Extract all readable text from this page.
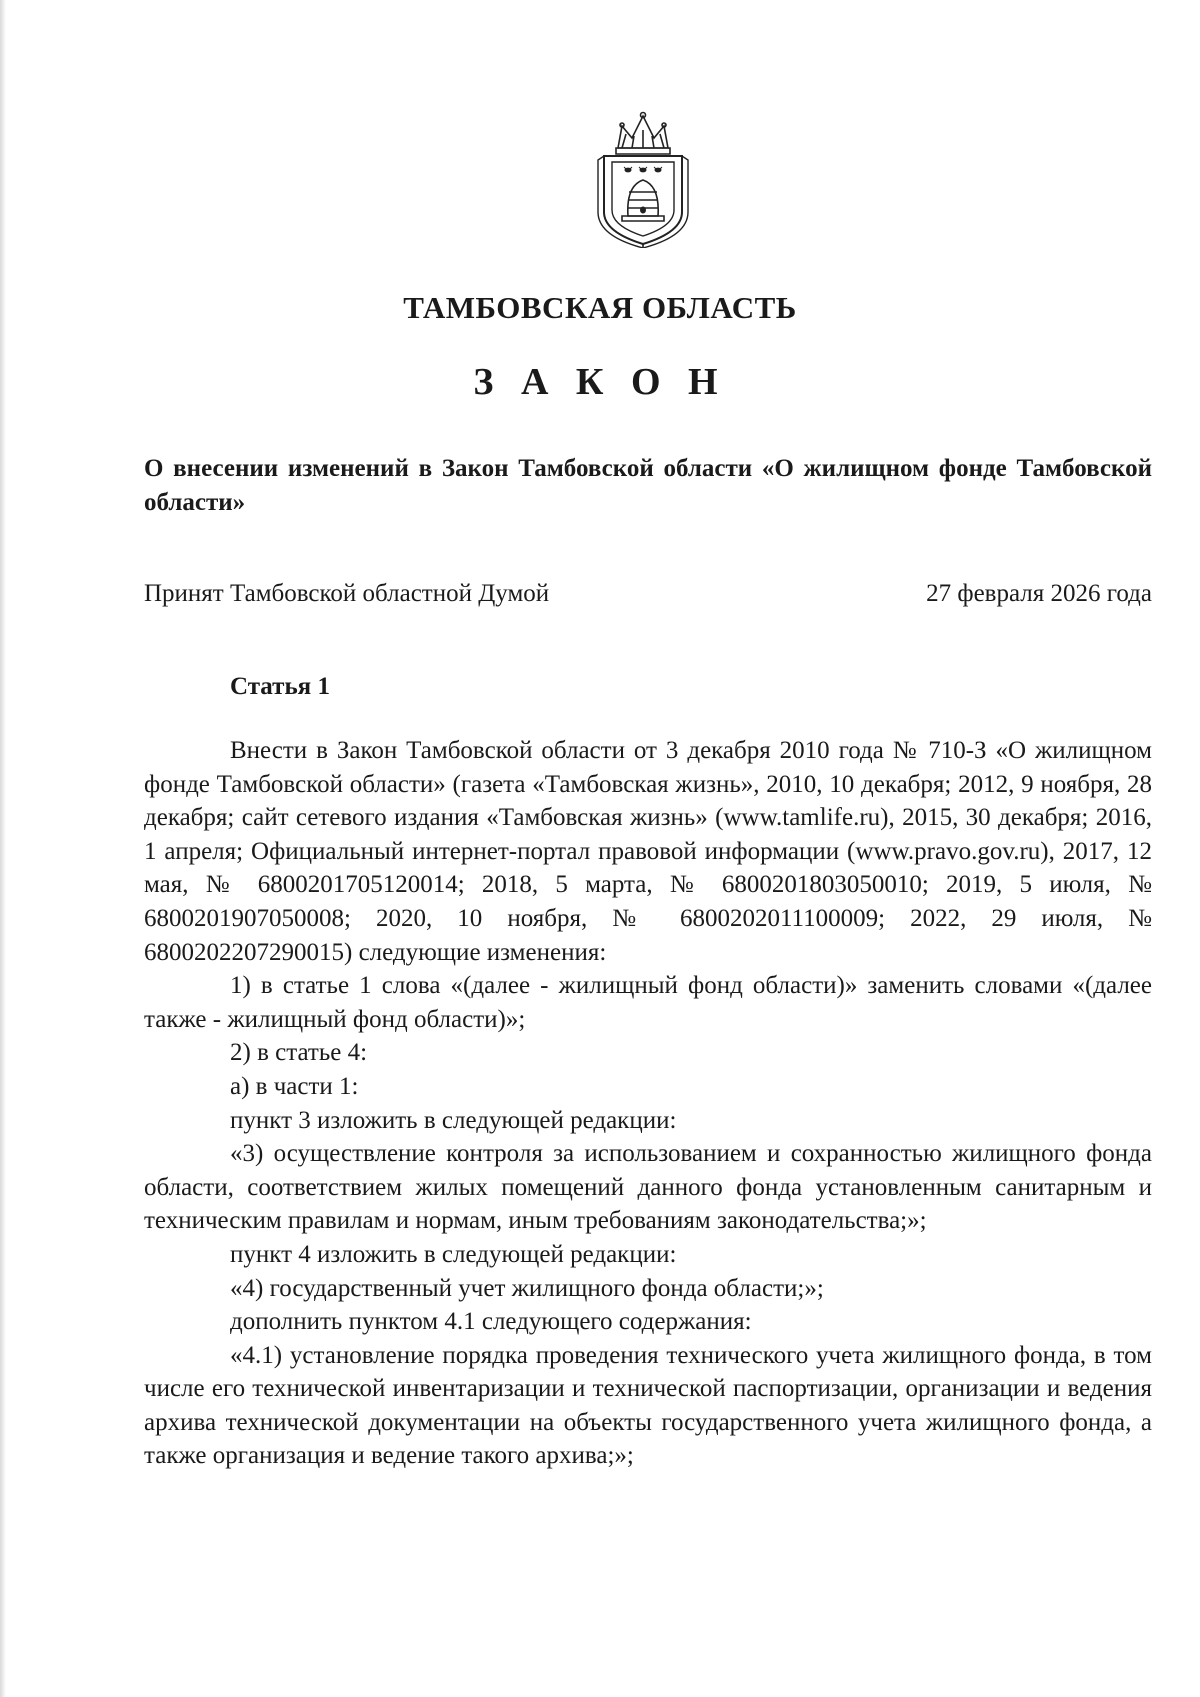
ТАМБОВСКАЯ ОБЛАСТЬ
З А К О Н
О внесении изменений в Закон Тамбовской области «О жилищном фонде Тамбовской области»
Принят Тамбовской областной Думой	27 февраля 2026 года
Статья 1

Внести в Закон Тамбовской области от 3 декабря 2010 года № 710-З «О жилищном фонде Тамбовской области» (газета «Тамбовская жизнь», 2010, 10 декабря; 2012, 9 ноября, 28 декабря; сайт сетевого издания «Тамбовская жизнь» (www.tamlife.ru), 2015, 30 декабря; 2016, 1 апреля; Официальный интернет-портал правовой информации (www.pravo.gov.ru), 2017, 12 мая, № 6800201705120014; 2018, 5 марта, № 6800201803050010; 2019, 5 июля, № 6800201907050008; 2020, 10 ноября, № 6800202011100009; 2022, 29 июля, № 6800202207290015) следующие изменения:

1) в статье 1 слова «(далее - жилищный фонд области)» заменить словами «(далее также - жилищный фонд области)»;

2) в статье 4:

а) в части 1:

пункт 3 изложить в следующей редакции:

«3) осуществление контроля за использованием и сохранностью жилищного фонда области, соответствием жилых помещений данного фонда установленным санитарным и техническим правилам и нормам, иным требованиям законодательства;»;

пункт 4 изложить в следующей редакции:

«4) государственный учет жилищного фонда области;»;

дополнить пунктом 4.1 следующего содержания:

«4.1) установление порядка проведения технического учета жилищного фонда, в том числе его технической инвентаризации и технической паспортизации, организации и ведения архива технической документации на объекты государственного учета жилищного фонда, а также организация и ведение такого архива;»;
